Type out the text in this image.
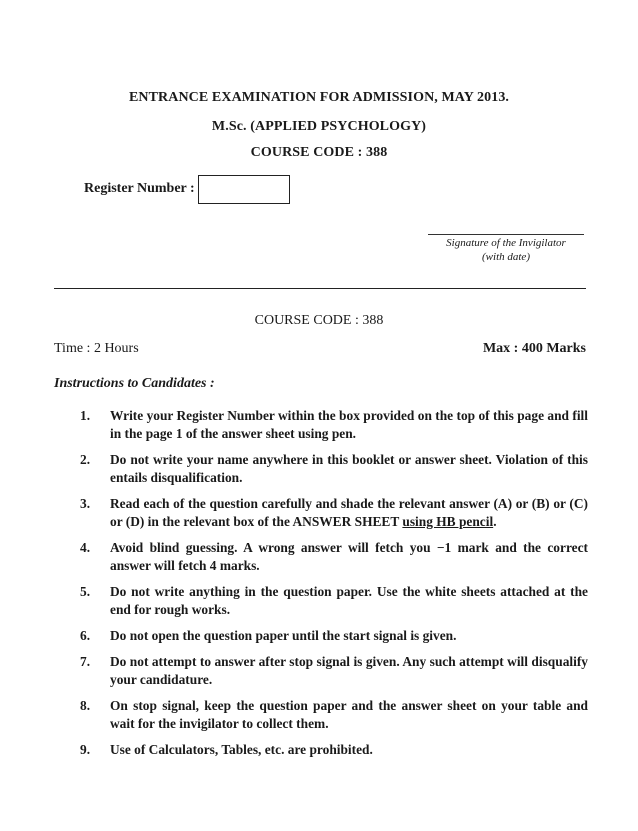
ENTRANCE EXAMINATION FOR ADMISSION, MAY 2013.
M.Sc. (APPLIED PSYCHOLOGY)
COURSE CODE : 388
Register Number :
Signature of the Invigilator
(with date)
COURSE CODE : 388
Time : 2 Hours	Max : 400 Marks
Instructions to Candidates :
1.	Write your Register Number within the box provided on the top of this page and fill in the page 1 of the answer sheet using pen.
2.	Do not write your name anywhere in this booklet or answer sheet. Violation of this entails disqualification.
3.	Read each of the question carefully and shade the relevant answer (A) or (B) or (C) or (D) in the relevant box of the ANSWER SHEET using HB pencil.
4.	Avoid blind guessing. A wrong answer will fetch you −1 mark and the correct answer will fetch 4 marks.
5.	Do not write anything in the question paper. Use the white sheets attached at the end for rough works.
6.	Do not open the question paper until the start signal is given.
7.	Do not attempt to answer after stop signal is given. Any such attempt will disqualify your candidature.
8.	On stop signal, keep the question paper and the answer sheet on your table and wait for the invigilator to collect them.
9.	Use of Calculators, Tables, etc. are prohibited.
